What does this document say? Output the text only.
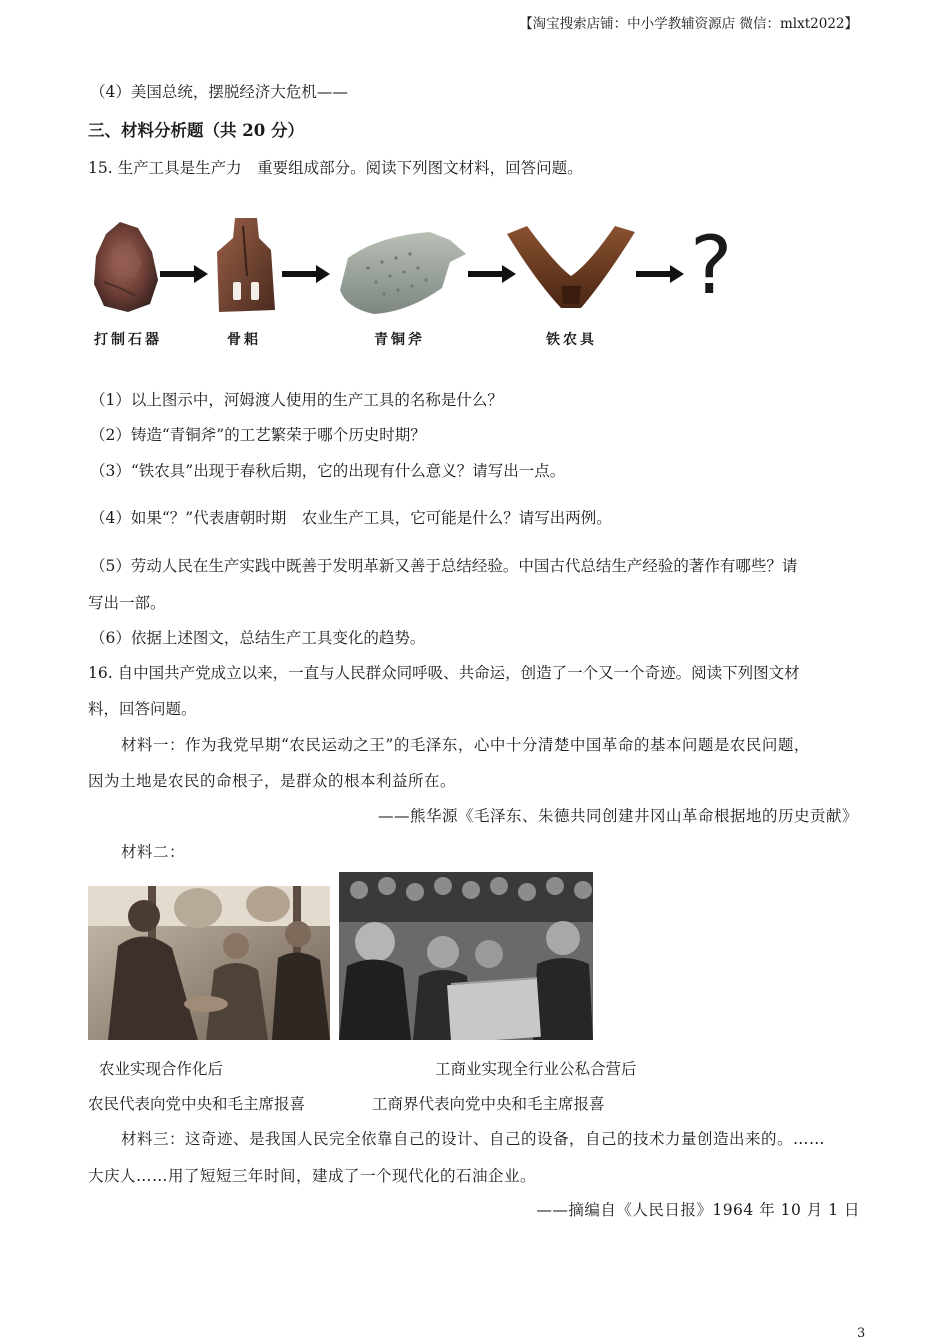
【淘宝搜索店铺：中小学教辅资源店 微信：mlxt2022】
（4）美国总统，摆脱经济大危机——
三、材料分析题（共 20 分）
15. 生产工具是生产力　重要组成部分。阅读下列图文材料，回答问题。
?
打制石器	骨耜	青铜斧	铁农具
（1）以上图示中，河姆渡人使用的生产工具的名称是什么？
（2）铸造“青铜斧”的工艺繁荣于哪个历史时期？
（3）“铁农具”出现于春秋后期，它的出现有什么意义？请写出一点。
（4）如果“？”代表唐朝时期　农业生产工具，它可能是什么？请写出两例。
（5）劳动人民在生产实践中既善于发明革新又善于总结经验。中国古代总结生产经验的著作有哪些？请
写出一部。
（6）依据上述图文，总结生产工具变化的趋势。
16. 自中国共产党成立以来，一直与人民群众同呼吸、共命运，创造了一个又一个奇迹。阅读下列图文材
料，回答问题。
材料一：作为我党早期“农民运动之王”的毛泽东，心中十分清楚中国革命的基本问题是农民问题，
因为土地是农民的命根子，是群众的根本利益所在。
——熊华源《毛泽东、朱德共同创建井冈山革命根据地的历史贡献》
材料二：
农业实现合作化后
农民代表向党中央和毛主席报喜
工商业实现全行业公私合营后
工商界代表向党中央和毛主席报喜
材料三：这奇迹、是我国人民完全依靠自己的设计、自己的设备，自己的技术力量创造出来的。……
大庆人……用了短短三年时间，建成了一个现代化的石油企业。
——摘编自《人民日报》1964 年 10 月 1 日
3
